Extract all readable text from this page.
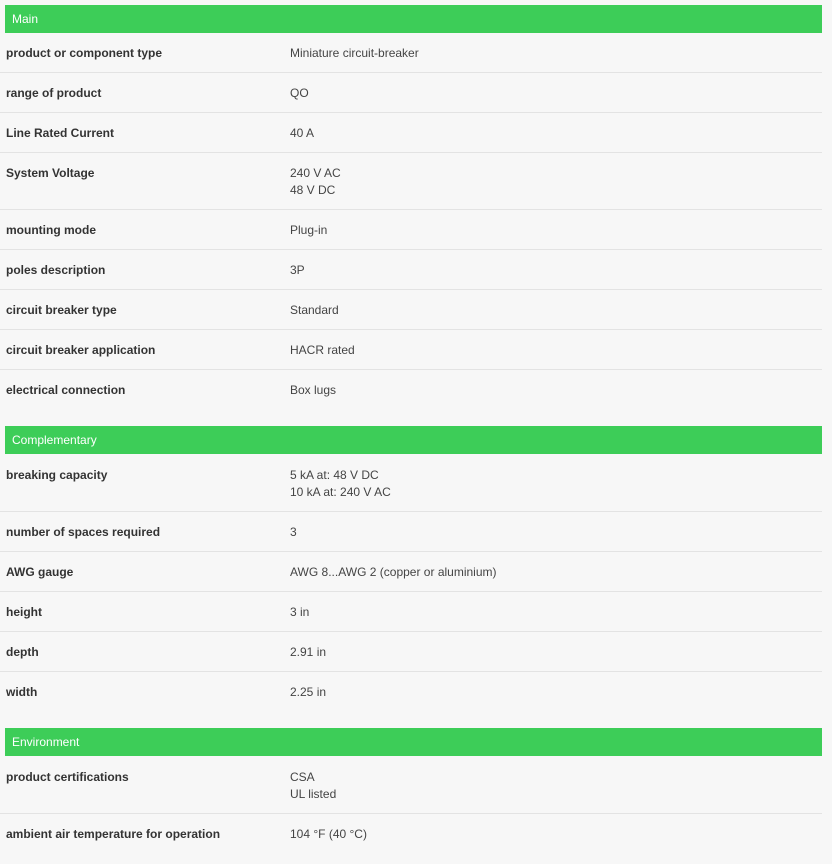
Main
product or component type	Miniature circuit-breaker
range of product	QO
Line Rated Current	40 A
System Voltage	240 V AC
48 V DC
mounting mode	Plug-in
poles description	3P
circuit breaker type	Standard
circuit breaker application	HACR rated
electrical connection	Box lugs
Complementary
breaking capacity	5 kA at: 48 V DC
10 kA at: 240 V AC
number of spaces required	3
AWG gauge	AWG 8...AWG 2 (copper or aluminium)
height	3 in
depth	2.91 in
width	2.25 in
Environment
product certifications	CSA
UL listed
ambient air temperature for operation	104 °F (40 °C)
